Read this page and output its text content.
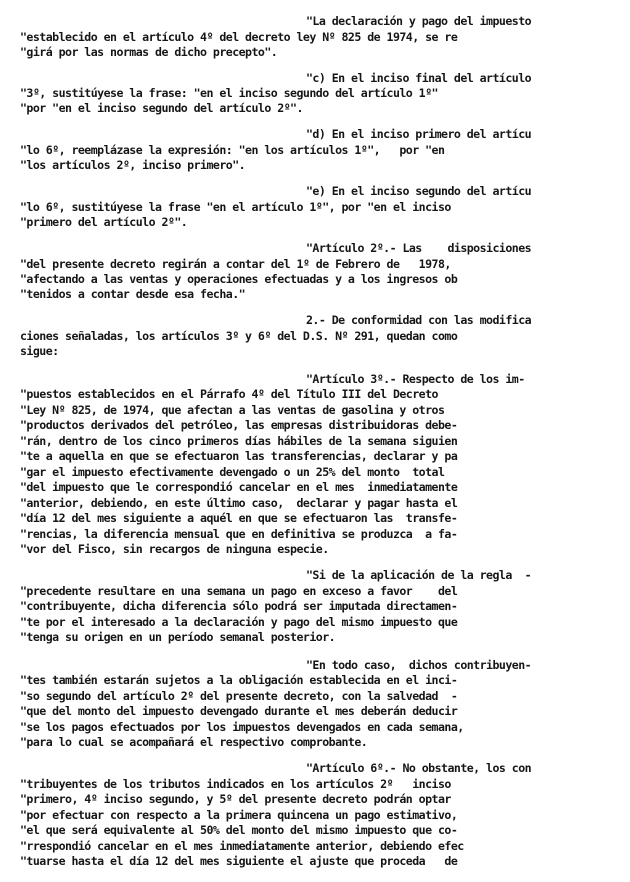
"La declaración y pago del impuesto
"establecido en el artículo 4º del decreto ley Nº 825 de 1974, se re
"girá por las normas de dicho precepto".
"c) En el inciso final del artículo
"3º, sustitúyese la frase: "en el inciso segundo del artículo 1º"
"por "en el inciso segundo del artículo 2º".
"d) En el inciso primero del artícu
"lo 6º, reemplázase la expresión: "en los artículos 1º",   por "en
"los artículos 2º, inciso primero".
"e) En el inciso segundo del artícu
"lo 6º, sustitúyese la frase "en el artículo 1º", por "en el inciso
"primero del artículo 2º".
"Artículo 2º.- Las    disposiciones
"del presente decreto regirán a contar del 1º de Febrero de   1978,
"afectando a las ventas y operaciones efectuadas y a los ingresos ob
"tenidos a contar desde esa fecha."
2.- De conformidad con las modifica
ciones señaladas, los artículos 3º y 6º del D.S. Nº 291, quedan como
sigue:
"Artículo 3º.- Respecto de los im-
"puestos establecidos en el Párrafo 4º del Título III del Decreto
"Ley Nº 825, de 1974, que afectan a las ventas de gasolina y otros
"productos derivados del petróleo, las empresas distribuidoras debe-
"rán, dentro de los cinco primeros días hábiles de la semana siguien
"te a aquella en que se efectuaron las transferencias, declarar y pa
"gar el impuesto efectivamente devengado o un 25% del monto  total
"del impuesto que le correspondió cancelar en el mes  inmediatamente
"anterior, debiendo, en este último caso,  declarar y pagar hasta el
"día 12 del mes siguiente a aquél en que se efectuaron las  transfe-
"rencias, la diferencia mensual que en definitiva se produzca  a fa-
"vor del Fisco, sin recargos de ninguna especie.
"Si de la aplicación de la regla  -
"precedente resultare en una semana un pago en exceso a favor    del
"contribuyente, dicha diferencia sólo podrá ser imputada directamen-
"te por el interesado a la declaración y pago del mismo impuesto que
"tenga su origen en un período semanal posterior.
"En todo caso,  dichos contribuyen-
"tes también estarán sujetos a la obligación establecida en el inci-
"so segundo del artículo 2º del presente decreto, con la salvedad  -
"que del monto del impuesto devengado durante el mes deberán deducir
"se los pagos efectuados por los impuestos devengados en cada semana,
"para lo cual se acompañará el respectivo comprobante.
"Artículo 6º.- No obstante, los con
"tribuyentes de los tributos indicados en los artículos 2º   inciso
"primero, 4º inciso segundo, y 5º del presente decreto podrán optar
"por efectuar con respecto a la primera quincena un pago estimativo,
"el que será equivalente al 50% del monto del mismo impuesto que co-
"rrespondió cancelar en el mes inmediatamente anterior, debiendo efec
"tuarse hasta el día 12 del mes siguiente el ajuste que proceda   de
